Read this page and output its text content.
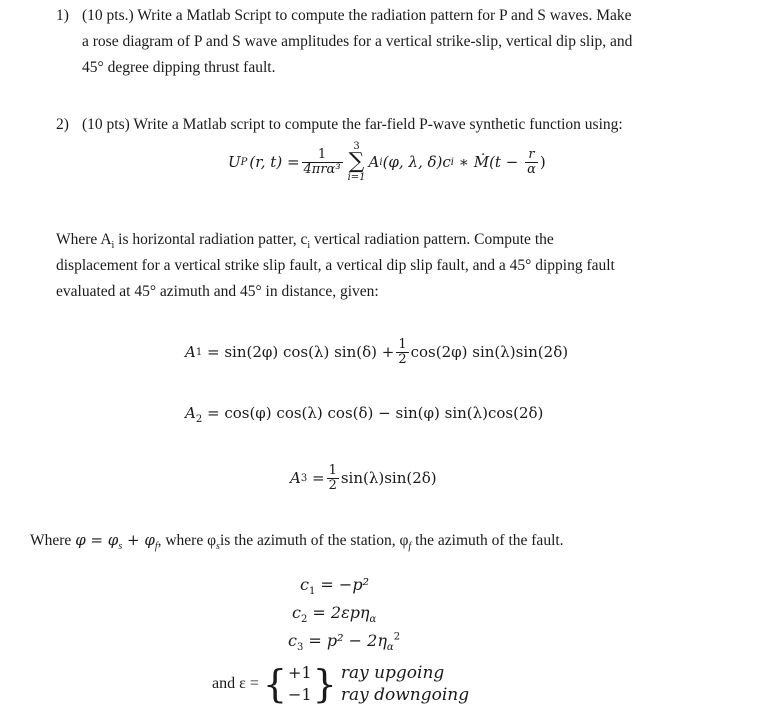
1) (10 pts.) Write a Matlab Script to compute the radiation pattern for P and S waves. Make
a rose diagram of P and S wave amplitudes for a vertical strike-slip, vertical dip slip, and
45° degree dipping thrust fault.
2) (10 pts) Write a Matlab script to compute the far-field P-wave synthetic function using:
U P (r, $t) = \frac{1}{\text{4πrα³}}$
3
∑
i=1
A i (φ, λ, δ)c i ∗ Ṁ(t − $\frac{r}{\alpha}$ )
Where $A_i$ is horizontal radiation patter, $c_i$ vertical radiation pattern. Compute the
displacement for a vertical strike slip fault, a vertical dip slip fault, and a 45° dipping fault
evaluated at 45° azimuth and 45° in distance, given:
A 1 = sin(2φ) cos(λ) $\sin(\delta) + \frac{1}{2} \cos(2\varphi)$ sin(λ)sin(2δ)
$A_2 = \cos(\varphi)$ cos(λ) cos(δ) − sin(φ) sin(λ)cos(2δ)
A $3 = \frac{1}{2} \sin(\lambda)\sin(2\delta)$
Where $\varphi = \varphi_s + \varphi_f$, where $\varphi_sis$ the azimuth of the station, $\varphi_f$ the azimuth of the fault.
$c_1 = -p^2$
$c_2 = 2\varepsilon p\eta_\alpha$
$c_3 = p^2 - 2\eta_\alpha^2$
and ε = { +1
−1 } ray upgoing
ray downgoing
